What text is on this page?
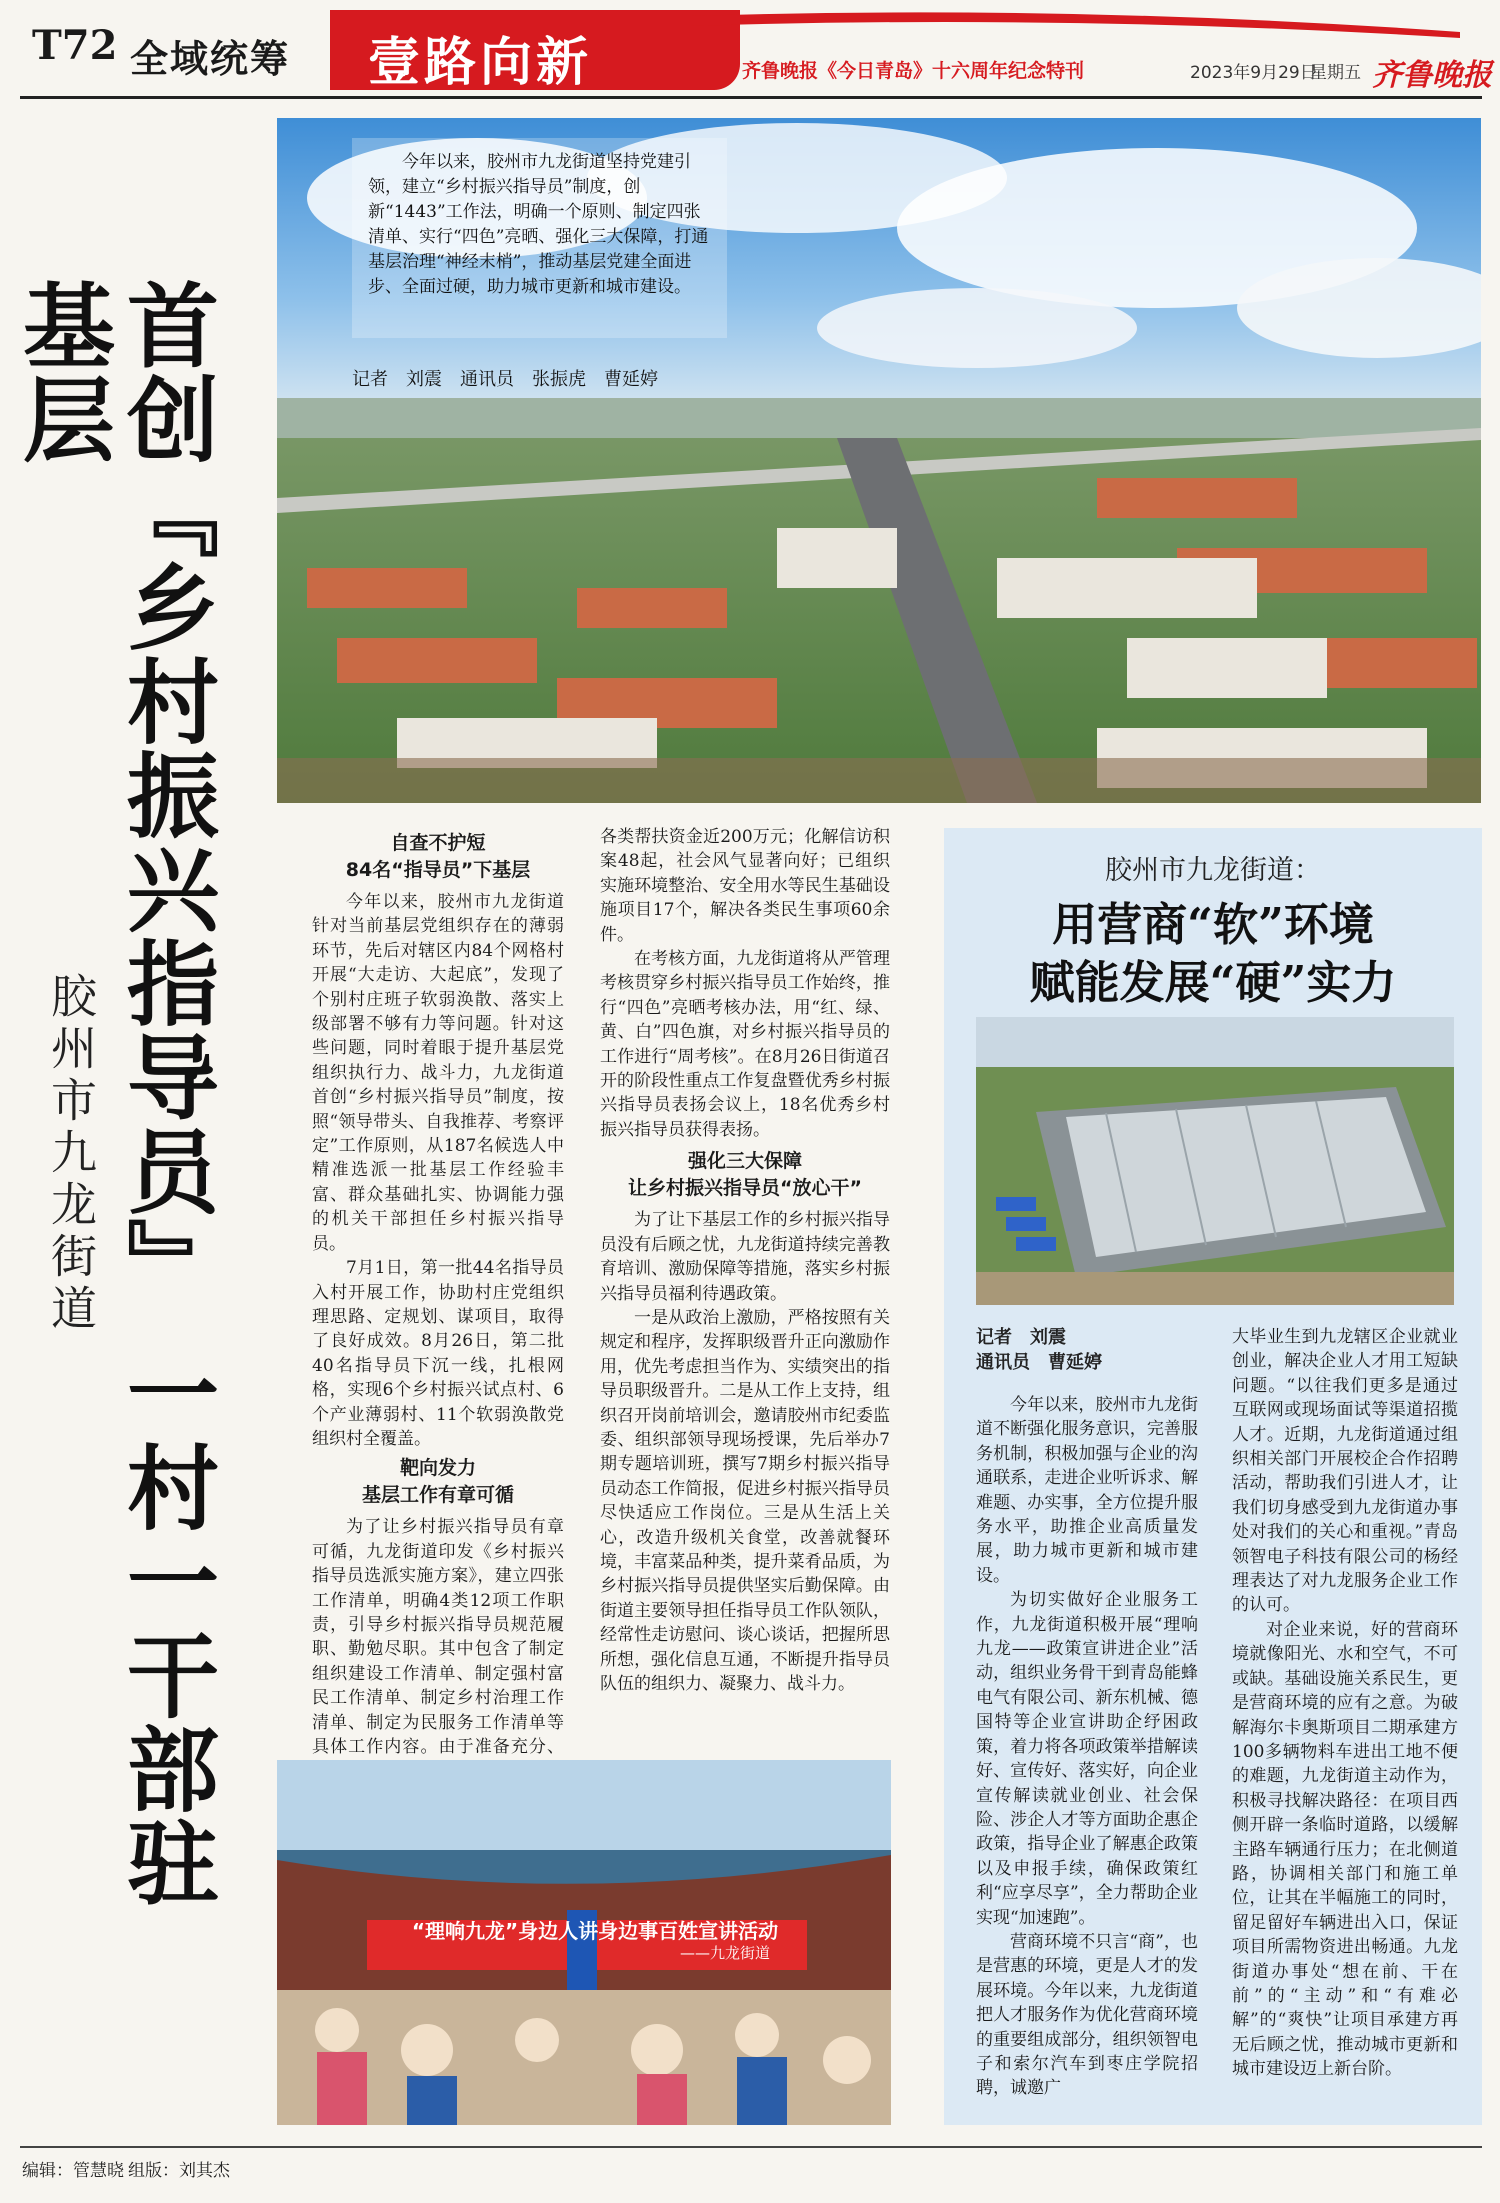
T72 全域统筹 壹路向新	齐鲁晚报《今日青岛》十六周年纪念特刊	2023年9月29日
星期五 齐鲁晚报
首创『乡村振兴指导员』 一村一干部驻基层
胶州市九龙街道
今年以来，胶州市九龙街道坚持党建引领，建立“乡村振兴指导员”制度，创新“1443”工作法，明确一个原则、制定四张清单、实行“四色”亮晒、强化三大保障，打通基层治理“神经末梢”，推动基层党建全面进步、全面过硬，助力城市更新和城市建设。
记者　刘震　通讯员　张振虎　曹延婷
自查不护短
84名“指导员”下基层

今年以来，胶州市九龙街道针对当前基层党组织存在的薄弱环节，先后对辖区内84个网格村开展“大走访、大起底”，发现了个别村庄班子软弱涣散、落实上级部署不够有力等问题。针对这些问题，同时着眼于提升基层党组织执行力、战斗力，九龙街道首创“乡村振兴指导员”制度，按照“领导带头、自我推荐、考察评定”工作原则，从187名候选人中精准选派一批基层工作经验丰富、群众基础扎实、协调能力强的机关干部担任乡村振兴指导员。

7月1日，第一批44名指导员入村开展工作，协助村庄党组织理思路、定规划、谋项目，取得了良好成效。8月26日，第二批40名指导员下沉一线，扎根网格，实现6个乡村振兴试点村、6个产业薄弱村、11个软弱涣散党组织村全覆盖。

靶向发力
基层工作有章可循

为了让乡村振兴指导员有章可循，九龙街道印发《乡村振兴指导员选派实施方案》，建立四张工作清单，明确4类12项工作职责，引导乡村振兴指导员规范履职、勤勉尽职。其中包含了制定组织建设工作清单、制定强村富民工作清单、制定乡村治理工作清单、制定为民服务工作清单等具体工作内容。由于准备充分、

各类帮扶资金近200万元；化解信访积案48起，社会风气显著向好；已组织实施环境整治、安全用水等民生基础设施项目17个，解决各类民生事项60余件。

在考核方面，九龙街道将从严管理考核贯穿乡村振兴指导员工作始终，推行“四色”亮晒考核办法，用“红、绿、黄、白”四色旗，对乡村振兴指导员的工作进行“周考核”。在8月26日街道召开的阶段性重点工作复盘暨优秀乡村振兴指导员表扬会议上，18名优秀乡村振兴指导员获得表扬。

强化三大保障
让乡村振兴指导员“放心干”

为了让下基层工作的乡村振兴指导员没有后顾之忧，九龙街道持续完善教育培训、激励保障等措施，落实乡村振兴指导员福利待遇政策。

一是从政治上激励，严格按照有关规定和程序，发挥职级晋升正向激励作用，优先考虑担当作为、实绩突出的指导员职级晋升。二是从工作上支持，组织召开岗前培训会，邀请胶州市纪委监委、组织部领导现场授课，先后举办7期专题培训班，撰写7期乡村振兴指导员动态工作简报，促进乡村振兴指导员尽快适应工作岗位。三是从生活上关心，改造升级机关食堂，改善就餐环境，丰富菜品种类，提升菜肴品质，为乡村振兴指导员提供坚实后勤保障。由街道主要领导担任指导员工作队领队，经常性走访慰问、谈心谈话，把握所思所想，强化信息互通，不断提升指导员队伍的组织力、凝聚力、战斗力。

“理响九龙”身边人讲身边事百姓宣讲活动
——九龙街道
胶州市九龙街道：
用营商“软”环境
赋能发展“硬”实力
记者　刘震
通讯员　曹延婷

今年以来，胶州市九龙街道不断强化服务意识，完善服务机制，积极加强与企业的沟通联系，走进企业听诉求、解难题、办实事，全方位提升服务水平，助推企业高质量发展，助力城市更新和城市建设。

为切实做好企业服务工作，九龙街道积极开展“理响九龙——政策宣讲进企业”活动，组织业务骨干到青岛能蜂电气有限公司、新东机械、德国特等企业宣讲助企纾困政策，着力将各项政策举措解读好、宣传好、落实好，向企业宣传解读就业创业、社会保险、涉企人才等方面助企惠企政策，指导企业了解惠企政策以及申报手续，确保政策红利“应享尽享”，全力帮助企业实现“加速跑”。

营商环境不只言“商”，也是营惠的环境，更是人才的发展环境。今年以来，九龙街道把人才服务作为优化营商环境的重要组成部分，组织领智电子和索尔汽车到枣庄学院招聘，诚邀广

大毕业生到九龙辖区企业就业创业，解决企业人才用工短缺问题。“以往我们更多是通过互联网或现场面试等渠道招揽人才。近期，九龙街道通过组织相关部门开展校企合作招聘活动，帮助我们引进人才，让我们切身感受到九龙街道办事处对我们的关心和重视。”青岛领智电子科技有限公司的杨经理表达了对九龙服务企业工作的认可。

对企业来说，好的营商环境就像阳光、水和空气，不可或缺。基础设施关系民生，更是营商环境的应有之意。为破解海尔卡奥斯项目二期承建方100多辆物料车进出工地不便的难题，九龙街道主动作为，积极寻找解决路径：在项目西侧开辟一条临时道路，以缓解主路车辆通行压力；在北侧道路，协调相关部门和施工单位，让其在半幅施工的同时，留足留好车辆进出入口，保证项目所需物资进出畅通。九龙街道办事处“想在前、干在前”的“主动”和“有难必解”的“爽快”让项目承建方再无后顾之忧，推动城市更新和城市建设迈上新台阶。

编辑：管慧晓 组版：刘其杰
